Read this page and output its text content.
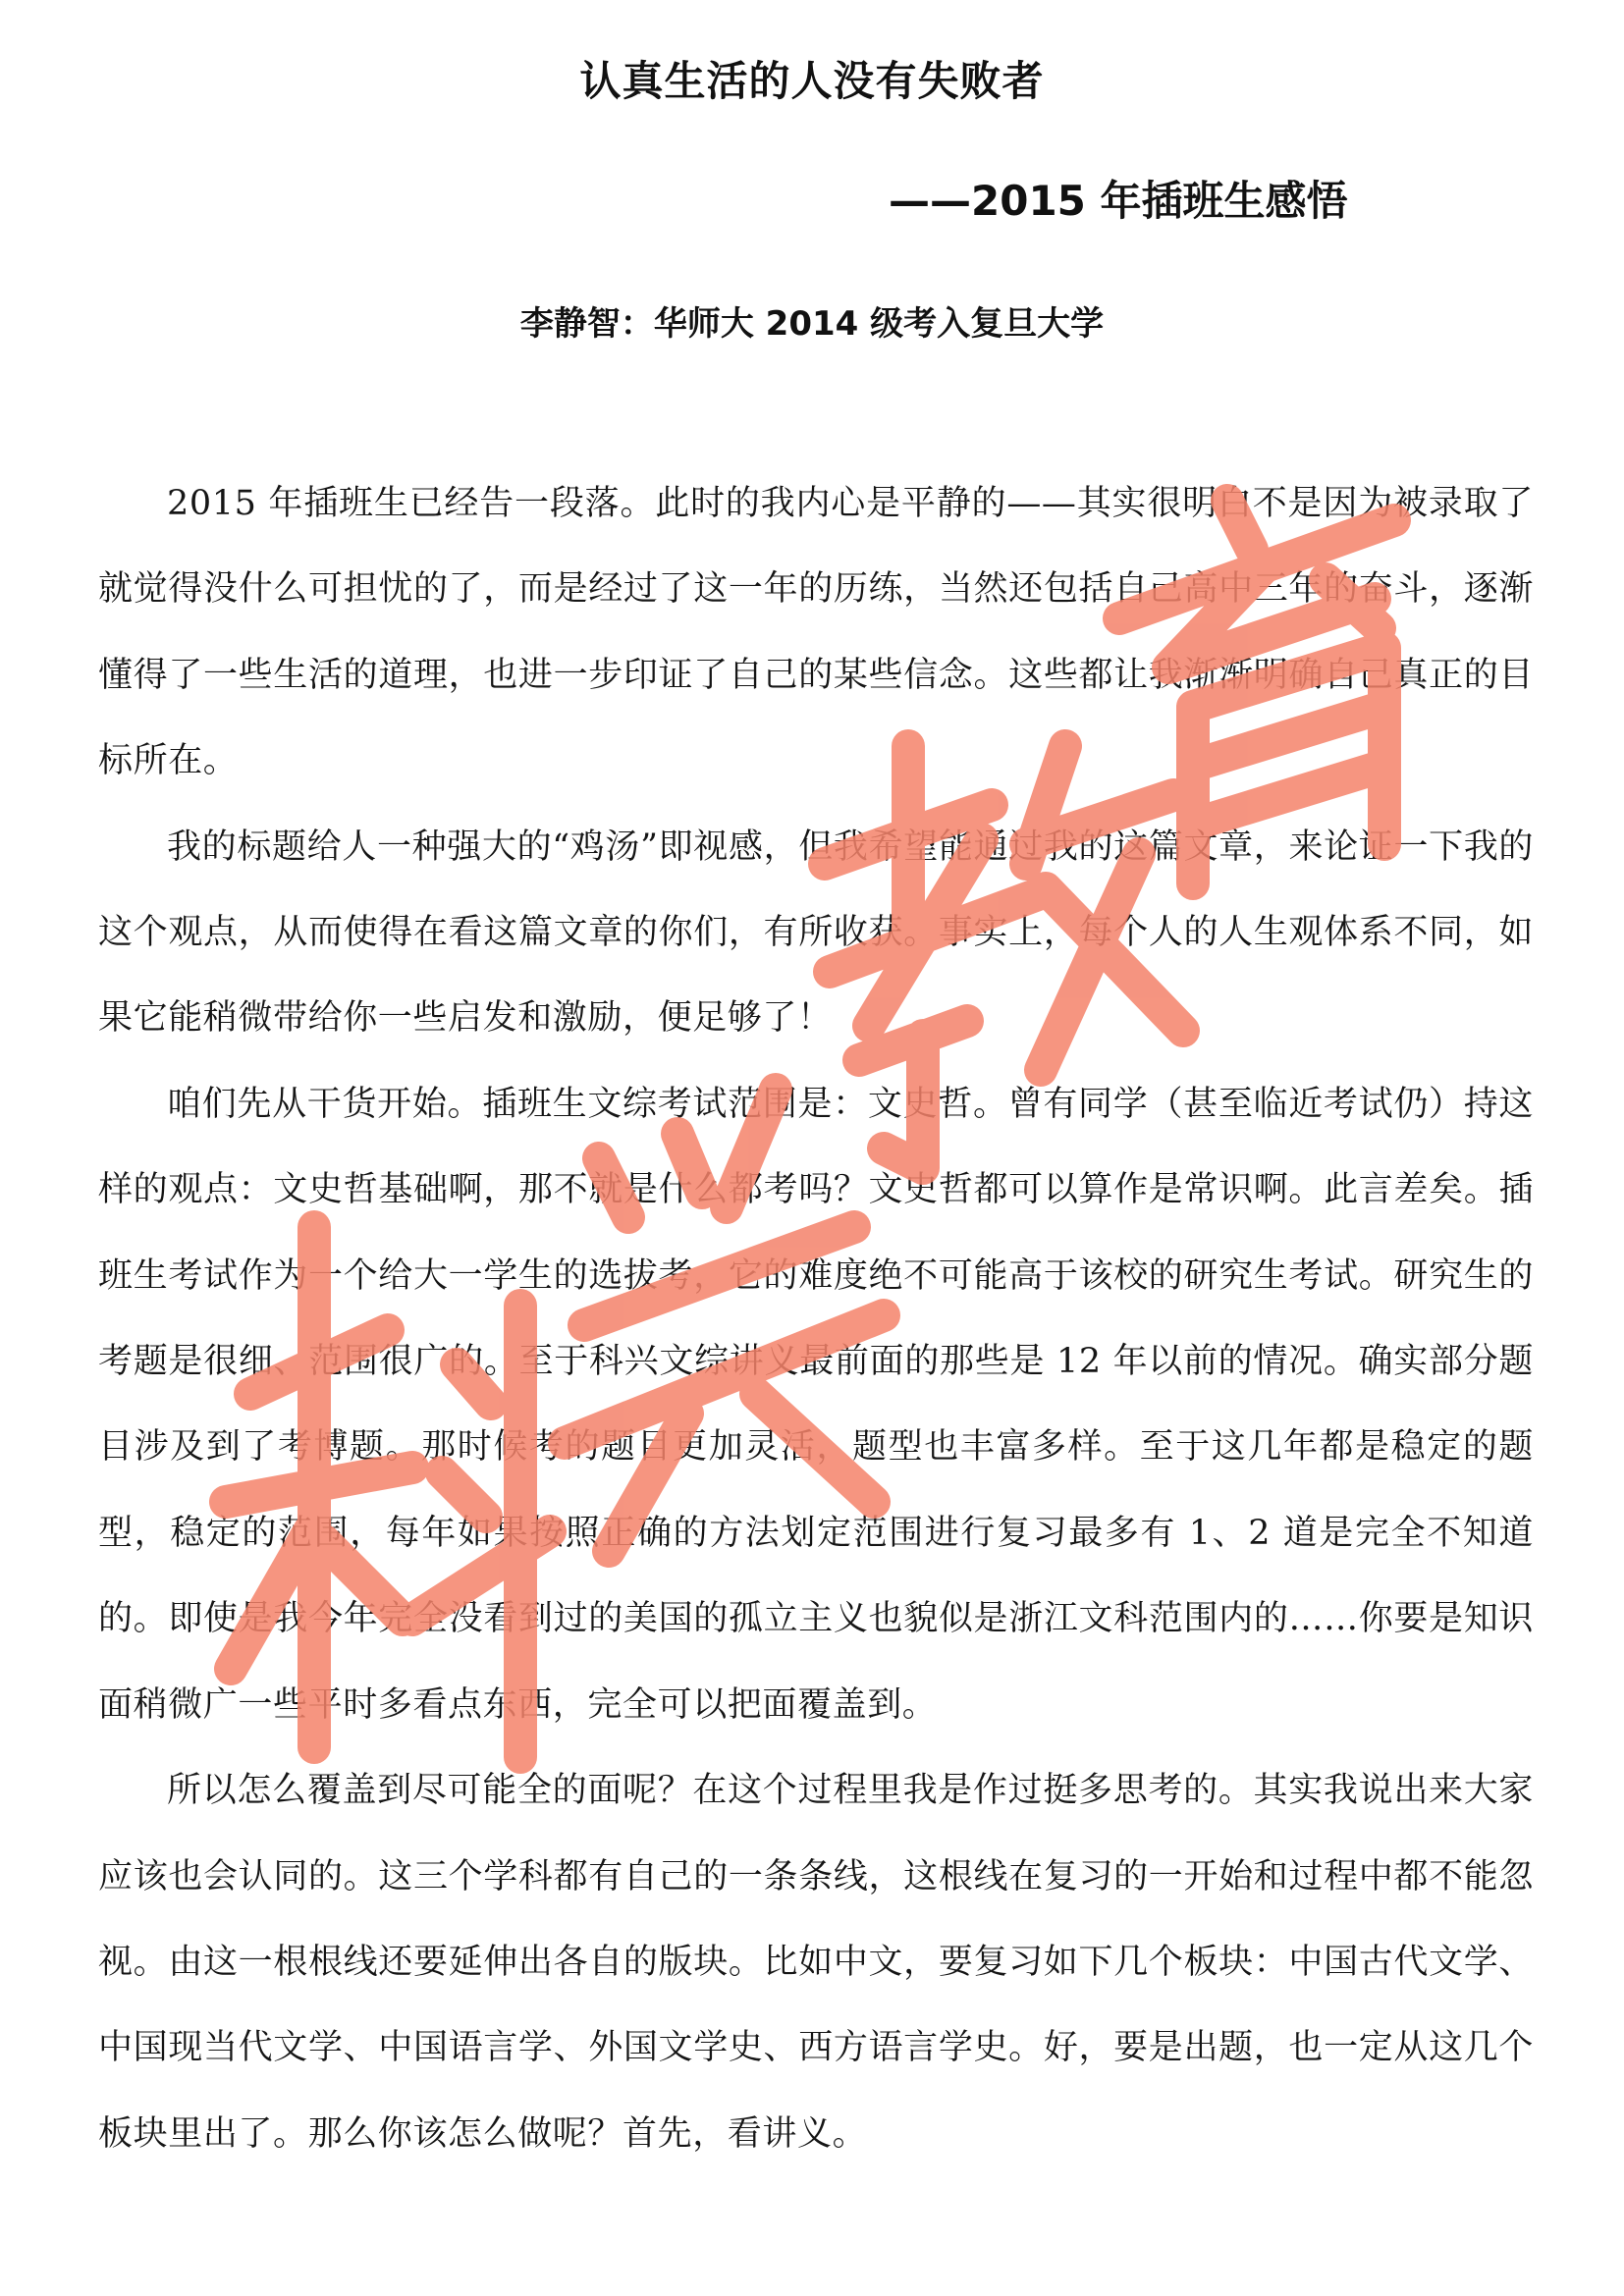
认真生活的人没有失败者
——2015 年插班生感悟
李静智：华师大 2014 级考入复旦大学

2015 年插班生已经告一段落。此时的我内心是平静的——其实很明白不是因为被录取了就觉得没什么可担忧的了，而是经过了这一年的历练，当然还包括自己高中三年的奋斗，逐渐懂得了一些生活的道理，也进一步印证了自己的某些信念。这些都让我渐渐明确自己真正的目标所在。

我的标题给人一种强大的“鸡汤”即视感，但我希望能通过我的这篇文章，来论证一下我的这个观点，从而使得在看这篇文章的你们，有所收获。事实上，每个人的人生观体系不同，如果它能稍微带给你一些启发和激励，便足够了！

咱们先从干货开始。插班生文综考试范围是：文史哲。曾有同学（甚至临近考试仍）持这样的观点：文史哲基础啊，那不就是什么都考吗？文史哲都可以算作是常识啊。此言差矣。插班生考试作为一个给大一学生的选拔考，它的难度绝不可能高于该校的研究生考试。研究生的考题是很细、范围很广的。至于科兴文综讲义最前面的那些是 12 年以前的情况。确实部分题目涉及到了考博题。那时候考的题目更加灵活，题型也丰富多样。至于这几年都是稳定的题型，稳定的范围，每年如果按照正确的方法划定范围进行复习最多有 1、2 道是完全不知道的。即使是我今年完全没看到过的美国的孤立主义也貌似是浙江文科范围内的……你要是知识面稍微广一些平时多看点东西，完全可以把面覆盖到。

所以怎么覆盖到尽可能全的面呢？在这个过程里我是作过挺多思考的。其实我说出来大家应该也会认同的。这三个学科都有自己的一条条线，这根线在复习的一开始和过程中都不能忽视。由这一根根线还要延伸出各自的版块。比如中文，要复习如下几个板块：中国古代文学、中国现当代文学、中国语言学、外国文学史、西方语言学史。好，要是出题，也一定从这几个板块里出了。那么你该怎么做呢？首先，看讲义。
